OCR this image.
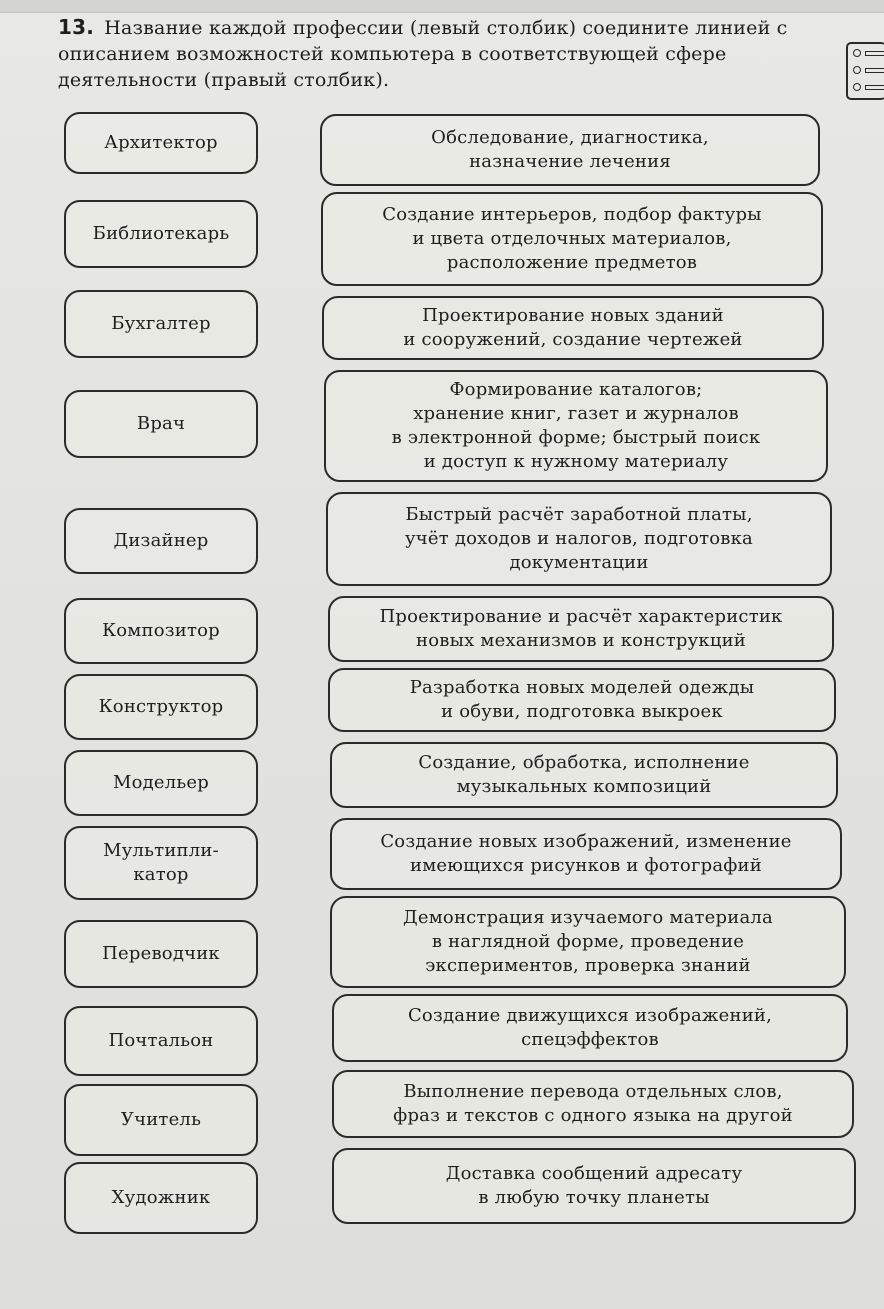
13. Название каждой профессии (левый столбик) соедините линией с описанием возможностей компьютера в соответствующей сфере деятельности (правый столбик).
Архитектор
Библиотекарь
Бухгалтер
Врач
Дизайнер
Композитор
Конструктор
Модельер
Мультипли-
катор
Переводчик
Почтальон
Учитель
Художник
Обследование, диагностика,
назначение лечения
Создание интерьеров, подбор фактуры
и цвета отделочных материалов,
расположение предметов
Проектирование новых зданий
и сооружений, создание чертежей
Формирование каталогов;
хранение книг, газет и журналов
в электронной форме; быстрый поиск
и доступ к нужному материалу
Быстрый расчёт заработной платы,
учёт доходов и налогов, подготовка
документации
Проектирование и расчёт характеристик
новых механизмов и конструкций
Разработка новых моделей одежды
и обуви, подготовка выкроек
Создание, обработка, исполнение
музыкальных композиций
Создание новых изображений, изменение
имеющихся рисунков и фотографий
Демонстрация изучаемого материала
в наглядной форме, проведение
экспериментов, проверка знаний
Создание движущихся изображений,
спецэффектов
Выполнение перевода отдельных слов,
фраз и текстов с одного языка на другой
Доставка сообщений адресату
в любую точку планеты
